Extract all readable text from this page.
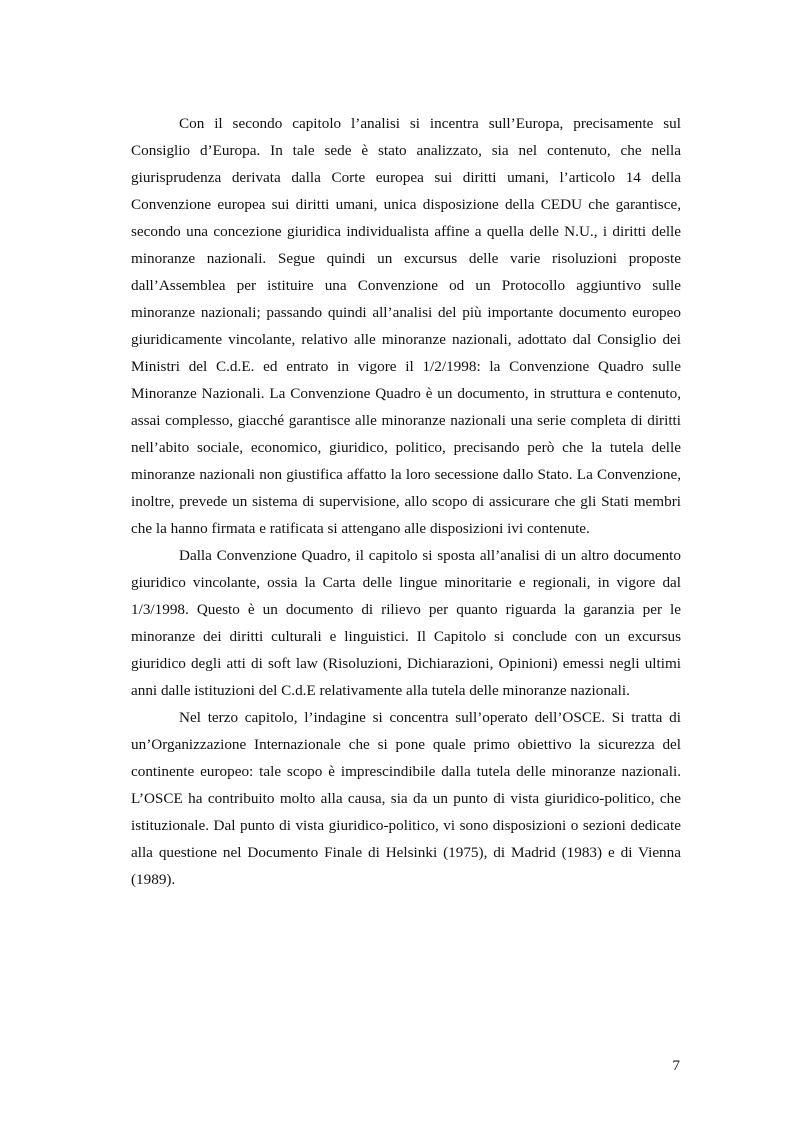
Con il secondo capitolo l’analisi si incentra sull’Europa, precisamente sul Consiglio d’Europa. In tale sede è stato analizzato, sia nel contenuto, che nella giurisprudenza derivata dalla Corte europea sui diritti umani, l’articolo 14 della Convenzione europea sui diritti umani, unica disposizione della CEDU che garantisce, secondo una concezione giuridica individualista affine a quella delle N.U., i diritti delle minoranze nazionali. Segue quindi un excursus delle varie risoluzioni proposte dall’Assemblea per istituire una Convenzione od un Protocollo aggiuntivo sulle minoranze nazionali; passando quindi all’analisi del più importante documento europeo giuridicamente vincolante, relativo alle minoranze nazionali, adottato dal Consiglio dei Ministri del C.d.E. ed entrato in vigore il 1/2/1998: la Convenzione Quadro sulle Minoranze Nazionali. La Convenzione Quadro è un documento, in struttura e contenuto, assai complesso, giacché garantisce alle minoranze nazionali una serie completa di diritti nell’abito sociale, economico, giuridico, politico, precisando però che la tutela delle minoranze nazionali non giustifica affatto la loro secessione dallo Stato. La Convenzione, inoltre, prevede un sistema di supervisione, allo scopo di assicurare che gli Stati membri che la hanno firmata e ratificata si attengano alle disposizioni ivi contenute.

Dalla Convenzione Quadro, il capitolo si sposta all’analisi di un altro documento giuridico vincolante, ossia la Carta delle lingue minoritarie e regionali, in vigore dal 1/3/1998. Questo è un documento di rilievo per quanto riguarda la garanzia per le minoranze dei diritti culturali e linguistici. Il Capitolo si conclude con un excursus giuridico degli atti di soft law (Risoluzioni, Dichiarazioni, Opinioni) emessi negli ultimi anni dalle istituzioni del C.d.E relativamente alla tutela delle minoranze nazionali.

Nel terzo capitolo, l’indagine si concentra sull’operato dell’OSCE. Si tratta di un’Organizzazione Internazionale che si pone quale primo obiettivo la sicurezza del continente europeo: tale scopo è imprescindibile dalla tutela delle minoranze nazionali. L’OSCE ha contribuito molto alla causa, sia da un punto di vista giuridico-politico, che istituzionale. Dal punto di vista giuridico-politico, vi sono disposizioni o sezioni dedicate alla questione nel Documento Finale di Helsinki (1975), di Madrid (1983) e di Vienna (1989).

7
